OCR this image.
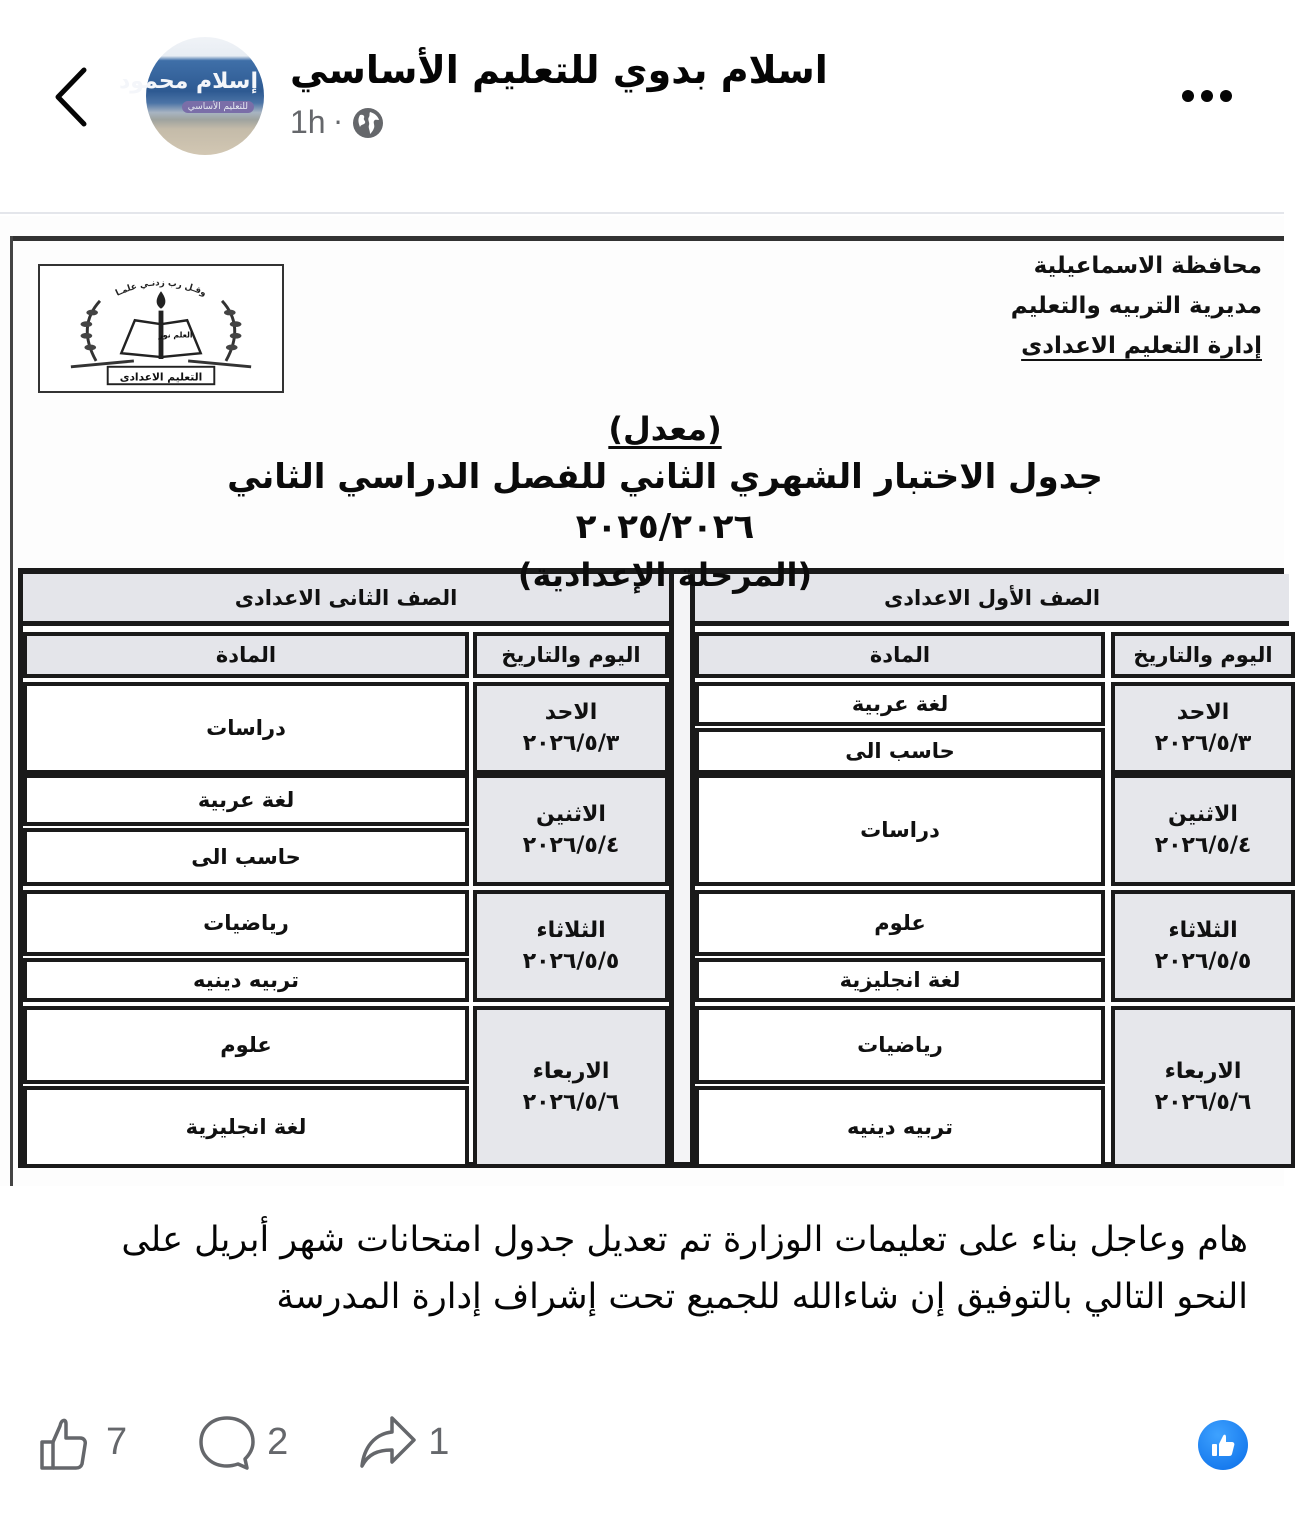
إسلام محمود
للتعليم الأساسي
اسلام بدوي للتعليم الأساسي
1h ·
وقـل رب زدنـي علمـا
العلم نور
التعليم الاعدادى
محافظة الاسماعيلية
مديرية التربيه والتعليم
إدارة التعليم الاعدادى
(معدل)
جدول الاختبار الشهري الثاني للفصل الدراسي الثاني ٢٠٢٥/٢٠٢٦
(المرحلة الإعدادية)
الصف الأول الاعدادى
اليوم والتاريخ
المادة
الاحد
٢٠٢٦/٥/٣
لغة عربية
حاسب الى
الاثنين
٢٠٢٦/٥/٤
دراسات
الثلاثاء
٢٠٢٦/٥/٥
علوم
لغة انجليزية
الاربعاء
٢٠٢٦/٥/٦
رياضيات
تربيه دينيه
الصف الثانى الاعدادى
اليوم والتاريخ
المادة
الاحد
٢٠٢٦/٥/٣
دراسات
الاثنين
٢٠٢٦/٥/٤
لغة عربية
حاسب الى
الثلاثاء
٢٠٢٦/٥/٥
رياضيات
تربيه دينيه
الاربعاء
٢٠٢٦/٥/٦
علوم
لغة انجليزية
هام وعاجل بناء على تعليمات الوزارة تم تعديل جدول امتحانات شهر أبريل على النحو التالي بالتوفيق إن شاءالله للجميع تحت إشراف إدارة المدرسة
7	2	1
